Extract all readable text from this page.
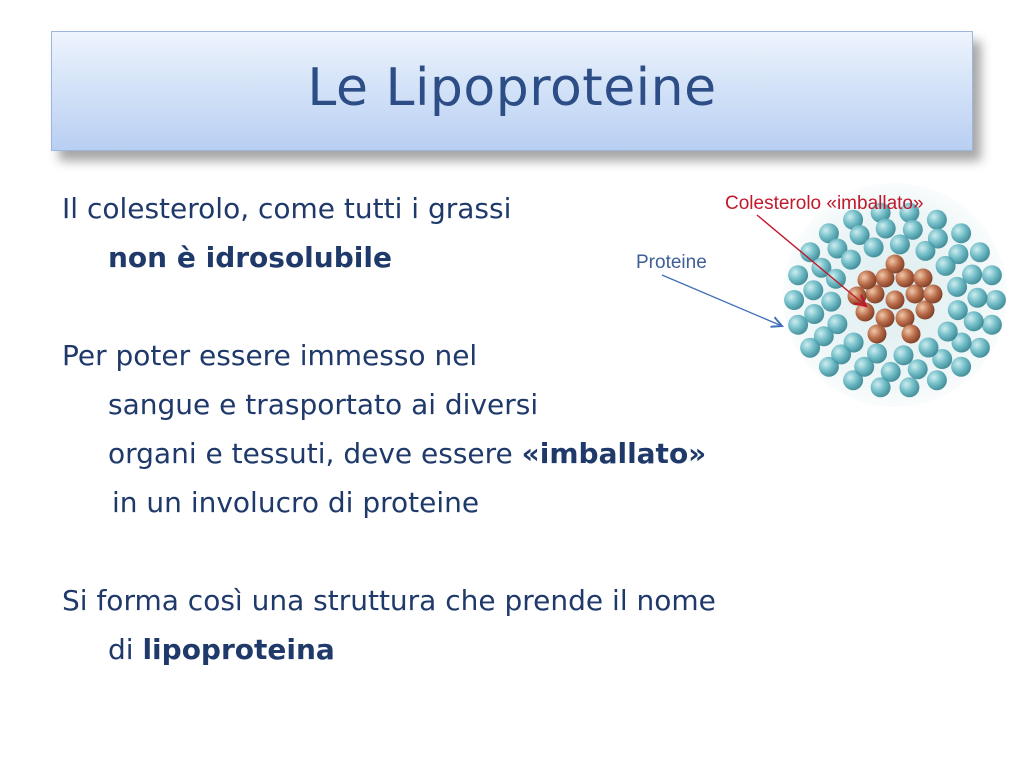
Le Lipoproteine
Il colesterolo, come tutti i grassi
non è idrosolubile
Per poter essere immesso nel
sangue e trasportato ai diversi
organi e tessuti, deve essere «imballato»
in un involucro di proteine
Si forma così una struttura che prende il nome
di lipoproteina
Colesterolo «imballato»
Proteine
